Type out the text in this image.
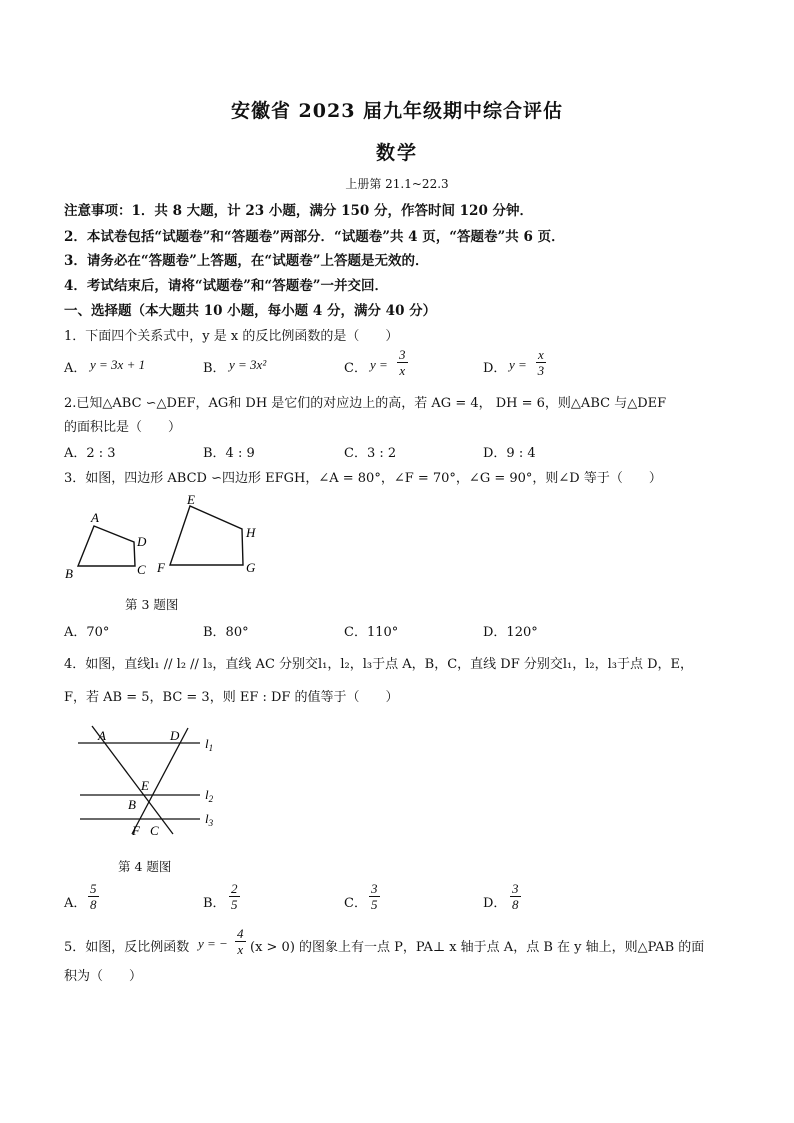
安徽省 2023 届九年级期中综合评估
数学
上册第 21.1~22.3
注意事项：1．共 8 大题，计 23 小题，满分 150 分，作答时间 120 分钟．
2．本试卷包括“试题卷”和“答题卷”两部分．“试题卷”共 4 页，“答题卷”共 6 页．
3．请务必在“答题卷”上答题，在“试题卷”上答题是无效的．
4．考试结束后，请将“试题卷”和“答题卷”一并交回．
一、选择题（本大题共 10 小题，每小题 4 分，满分 40 分）
1．下面四个关系式中，y 是 x 的反比例函数的是（　　）
A． y = 3x + 1	B． y = 3x²	C． $y = \frac{3}{x}$	D． $y = \frac{x}{3}$
2.已知△ABC ∽△DEF，AG和 DH 是它们的对应边上的高，若 AG = 4， DH = 6，则△ABC 与△DEF
的面积比是（　　）
A．2 : 3	B．4 : 9	C．3 : 2	D．9 : 4
3．如图，四边形 ABCD ∽四边形 EFGH，∠A = 80°，∠F = 70°，∠G = 90°，则∠D 等于（　　）
A
D
B	C
E
H
F	G
第 3 题图
A．70°	B．80°	C．110°	D．120°
4．如图，直线l₁ // l₂ // l₃，直线 AC 分别交l₁，l₂，l₃于点 A，B，C，直线 DF 分别交l₁，l₂，l₃于点 D，E，
F，若 AB = 5，BC = 3，则 EF : DF 的值等于（　　）
A	D
$l_1$
E
B
$l_2$
$l_3$
F C
第 4 题图
A． $\frac{5}{8}$	B． $\frac{2}{5}$	C． $\frac{3}{5}$	D． $\frac{3}{8}$
5．如图，反比例函数 y = − $\frac{4}{x} (x > 0)$ 的图象上有一点 P，PA⊥ x 轴于点 A，点 B 在 y 轴上，则△PAB 的面
积为（　　）
